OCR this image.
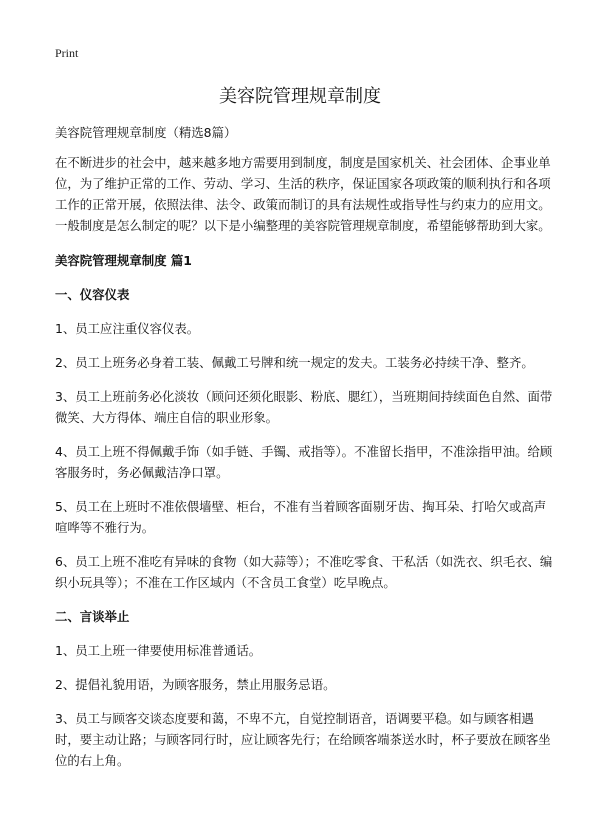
Print
美容院管理规章制度

美容院管理规章制度（精选8篇）

在不断进步的社会中，越来越多地方需要用到制度，制度是国家机关、社会团体、企事业单位，为了维护正常的工作、劳动、学习、生活的秩序，保证国家各项政策的顺利执行和各项工作的正常开展，依照法律、法令、政策而制订的具有法规性或指导性与约束力的应用文。一般制度是怎么制定的呢？以下是小编整理的美容院管理规章制度，希望能够帮助到大家。

美容院管理规章制度 篇1

一、仪容仪表

1、员工应注重仪容仪表。

2、员工上班务必身着工装、佩戴工号牌和统一规定的发夫。工装务必持续干净、整齐。

3、员工上班前务必化淡妆（顾问还须化眼影、粉底、腮红），当班期间持续面色自然、面带微笑、大方得体、端庄自信的职业形象。

4、员工上班不得佩戴手饰（如手链、手镯、戒指等）。不准留长指甲，不准涂指甲油。给顾客服务时，务必佩戴洁净口罩。

5、员工在上班时不准依偎墙壁、柜台，不准有当着顾客面剔牙齿、掏耳朵、打哈欠或高声喧哗等不雅行为。

6、员工上班不准吃有异味的食物（如大蒜等）；不准吃零食、干私活（如洗衣、织毛衣、编织小玩具等）；不准在工作区域内（不含员工食堂）吃早晚点。

二、言谈举止

1、员工上班一律要使用标准普通话。

2、提倡礼貌用语，为顾客服务，禁止用服务忌语。

3、员工与顾客交谈态度要和蔼，不卑不亢，自觉控制语音，语调要平稳。如与顾客相遇时，要主动让路；与顾客同行时，应让顾客先行；在给顾客端茶送水时，杯子要放在顾客坐位的右上角。
